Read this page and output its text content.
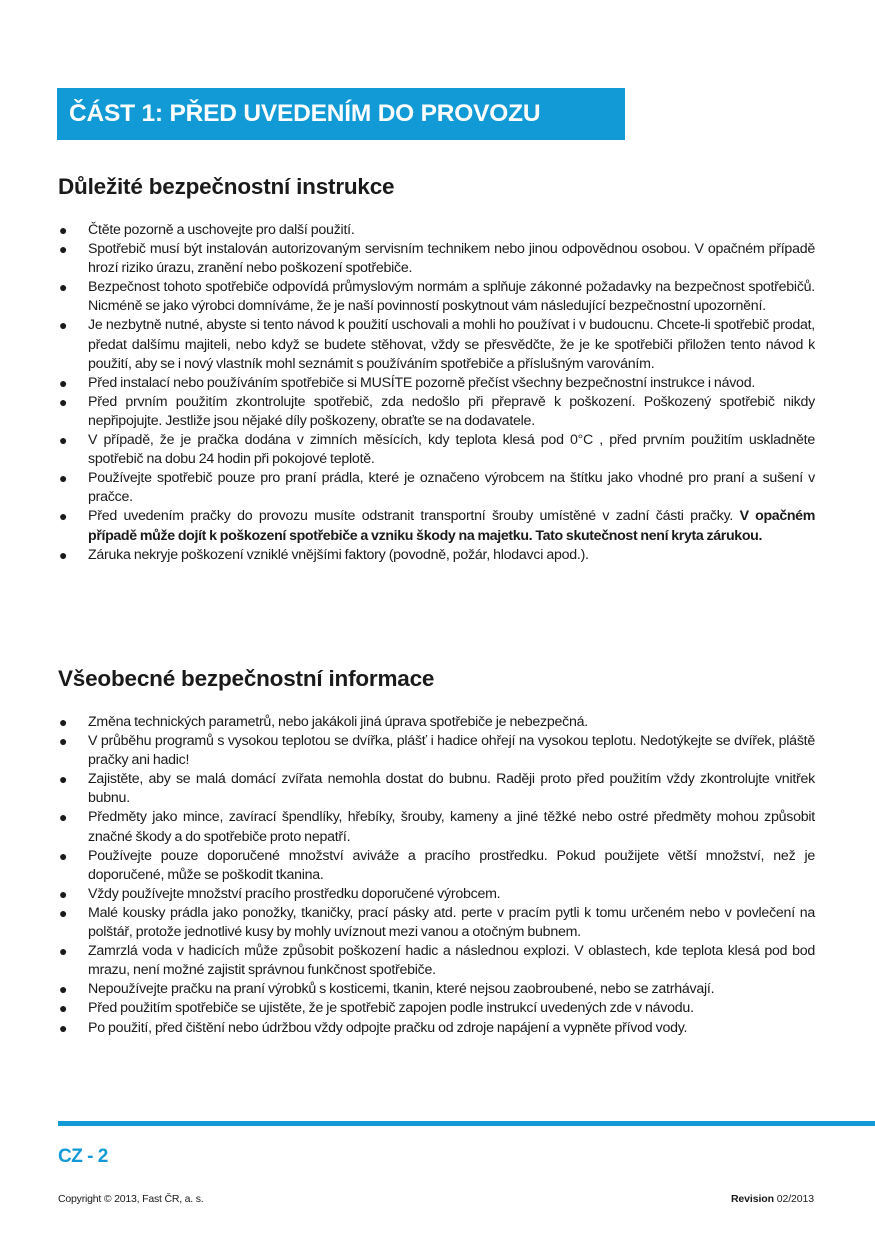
ČÁST 1: PŘED UVEDENÍM DO PROVOZU
Důležité bezpečnostní instrukce
● Čtěte pozorně a uschovejte pro další použití.
● Spotřebič musí být instalován autorizovaným servisním technikem nebo jinou odpovědnou osobou. V opačném případě hrozí riziko úrazu, zranění nebo poškození spotřebiče.
● Bezpečnost tohoto spotřebiče odpovídá průmyslovým normám a splňuje zákonné požadavky na bezpečnost spotřebičů. Nicméně se jako výrobci domníváme, že je naší povinností poskytnout vám následující bezpečnostní upozornění.
● Je nezbytně nutné, abyste si tento návod k použití uschovali a mohli ho používat i v budoucnu. Chcete-li spotřebič prodat, předat dalšímu majiteli, nebo když se budete stěhovat, vždy se přesvědčte, že je ke spotřebiči přiložen tento návod k použití, aby se i nový vlastník mohl seznámit s používáním spotřebiče a příslušným varováním.
● Před instalací nebo používáním spotřebiče si MUSÍTE pozorně přečíst všechny bezpečnostní instrukce i návod.
● Před prvním použitím zkontrolujte spotřebič, zda nedošlo při přepravě k poškození. Poškozený spotřebič nikdy nepřipojujte. Jestliže jsou nějaké díly poškozeny, obraťte se na dodavatele.
● V případě, že je pračka dodána v zimních měsících, kdy teplota klesá pod 0°C , před prvním použitím uskladněte spotřebič na dobu 24 hodin při pokojové teplotě.
● Používejte spotřebič pouze pro praní prádla, které je označeno výrobcem na štítku jako vhodné pro praní a sušení v pračce.
● Před uvedením pračky do provozu musíte odstranit transportní šrouby umístěné v zadní části pračky. V opačném případě může dojít k poškození spotřebiče a vzniku škody na majetku. Tato skutečnost není kryta zárukou.
● Záruka nekryje poškození vzniklé vnějšími faktory (povodně, požár, hlodavci apod.).
Všeobecné bezpečnostní informace
● Změna technických parametrů, nebo jakákoli jiná úprava spotřebiče je nebezpečná.
● V průběhu programů s vysokou teplotou se dvířka, plášť i hadice ohřejí na vysokou teplotu. Nedotýkejte se dvířek, pláště pračky ani hadic!
● Zajistěte, aby se malá domácí zvířata nemohla dostat do bubnu. Raději proto před použitím vždy zkontrolujte vnitřek bubnu.
● Předměty jako mince, zavírací špendlíky, hřebíky, šrouby, kameny a jiné těžké nebo ostré předměty mohou způsobit značné škody a do spotřebiče proto nepatří.
● Používejte pouze doporučené množství aviváže a pracího prostředku. Pokud použijete větší množství, než je doporučené, může se poškodit tkanina.
● Vždy používejte množství pracího prostředku doporučené výrobcem.
● Malé kousky prádla jako ponožky, tkaničky, prací pásky atd. perte v pracím pytli k tomu určeném nebo v povlečení na polštář, protože jednotlivé kusy by mohly uvíznout mezi vanou a otočným bubnem.
● Zamrzlá voda v hadicích může způsobit poškození hadic a následnou explozi. V oblastech, kde teplota klesá pod bod mrazu, není možné zajistit správnou funkčnost spotřebiče.
● Nepoužívejte pračku na praní výrobků s kosticemi, tkanin, které nejsou zaobroubené, nebo se zatrhávají.
● Před použitím spotřebiče se ujistěte, že je spotřebič zapojen podle instrukcí uvedených zde v návodu.
● Po použití, před čištění nebo údržbou vždy odpojte pračku od zdroje napájení a vypněte přívod vody.
CZ - 2
Copyright © 2013, Fast ČR, a. s.	Revision 02/2013
